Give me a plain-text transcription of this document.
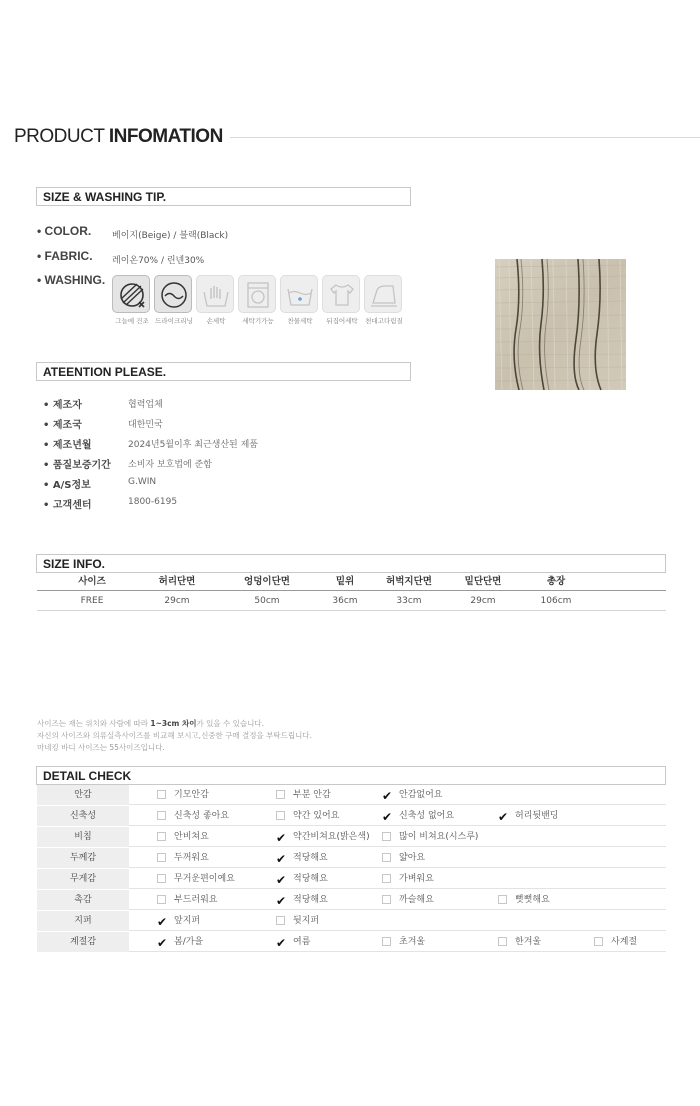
PRODUCT INFOMATION
SIZE & WASHING TIP.
• COLOR. 베이지(Beige) / 블랙(Black)
• FABRIC. 레이온70% / 린넨30%
• WASHING.
그늘에 건조 드라이크리닝	손세탁	세탁기가능	찬물세탁	뒤집어세탁	천대고다림질
ATEENTION PLEASE.
• 제조자	협력업체
• 제조국	대한민국
• 제조년월	2024년5월이후 최근생산된 제품
• 품질보증기간 소비자 보호법에 준함
• A/S정보	G.WIN
• 고객센터	1800-6195
SIZE INFO.
사이즈	허리단면	엉덩이단면	밑위	허벅지단면	밑단단면	총장
FREE	29cm	50cm	36cm	33cm	29cm	106cm
사이즈는 재는 위치와 사람에 따라 1~3cm 차이가 있을 수 있습니다.
자신의 사이즈와 의류실측사이즈를 비교해 보시고,신중한 구매 결정을 부탁드립니다.
마네킹 바디 사이즈는 55사이즈입니다.
DETAIL CHECK
안감	기모안감	부분 안감	✔ 안감없어요
신축성	신축성 좋아요	약간 있어요	✔ 신축성 없어요	✔ 허리뒷밴딩
비침	안비쳐요	✔ 약간비쳐요(밝은색)	많이 비쳐요(시스루)
두께감	두꺼워요	✔ 적당해요	얇아요
무게감	무거운편이예요	✔ 적당해요	가벼워요
촉감	부드러워요	✔ 적당해요	까슬해요	뻣뻣해요
지퍼	✔ 앞지퍼	뒷지퍼
계절감	✔ 봄/가을	✔ 여름	초겨울	한겨울	사계절
